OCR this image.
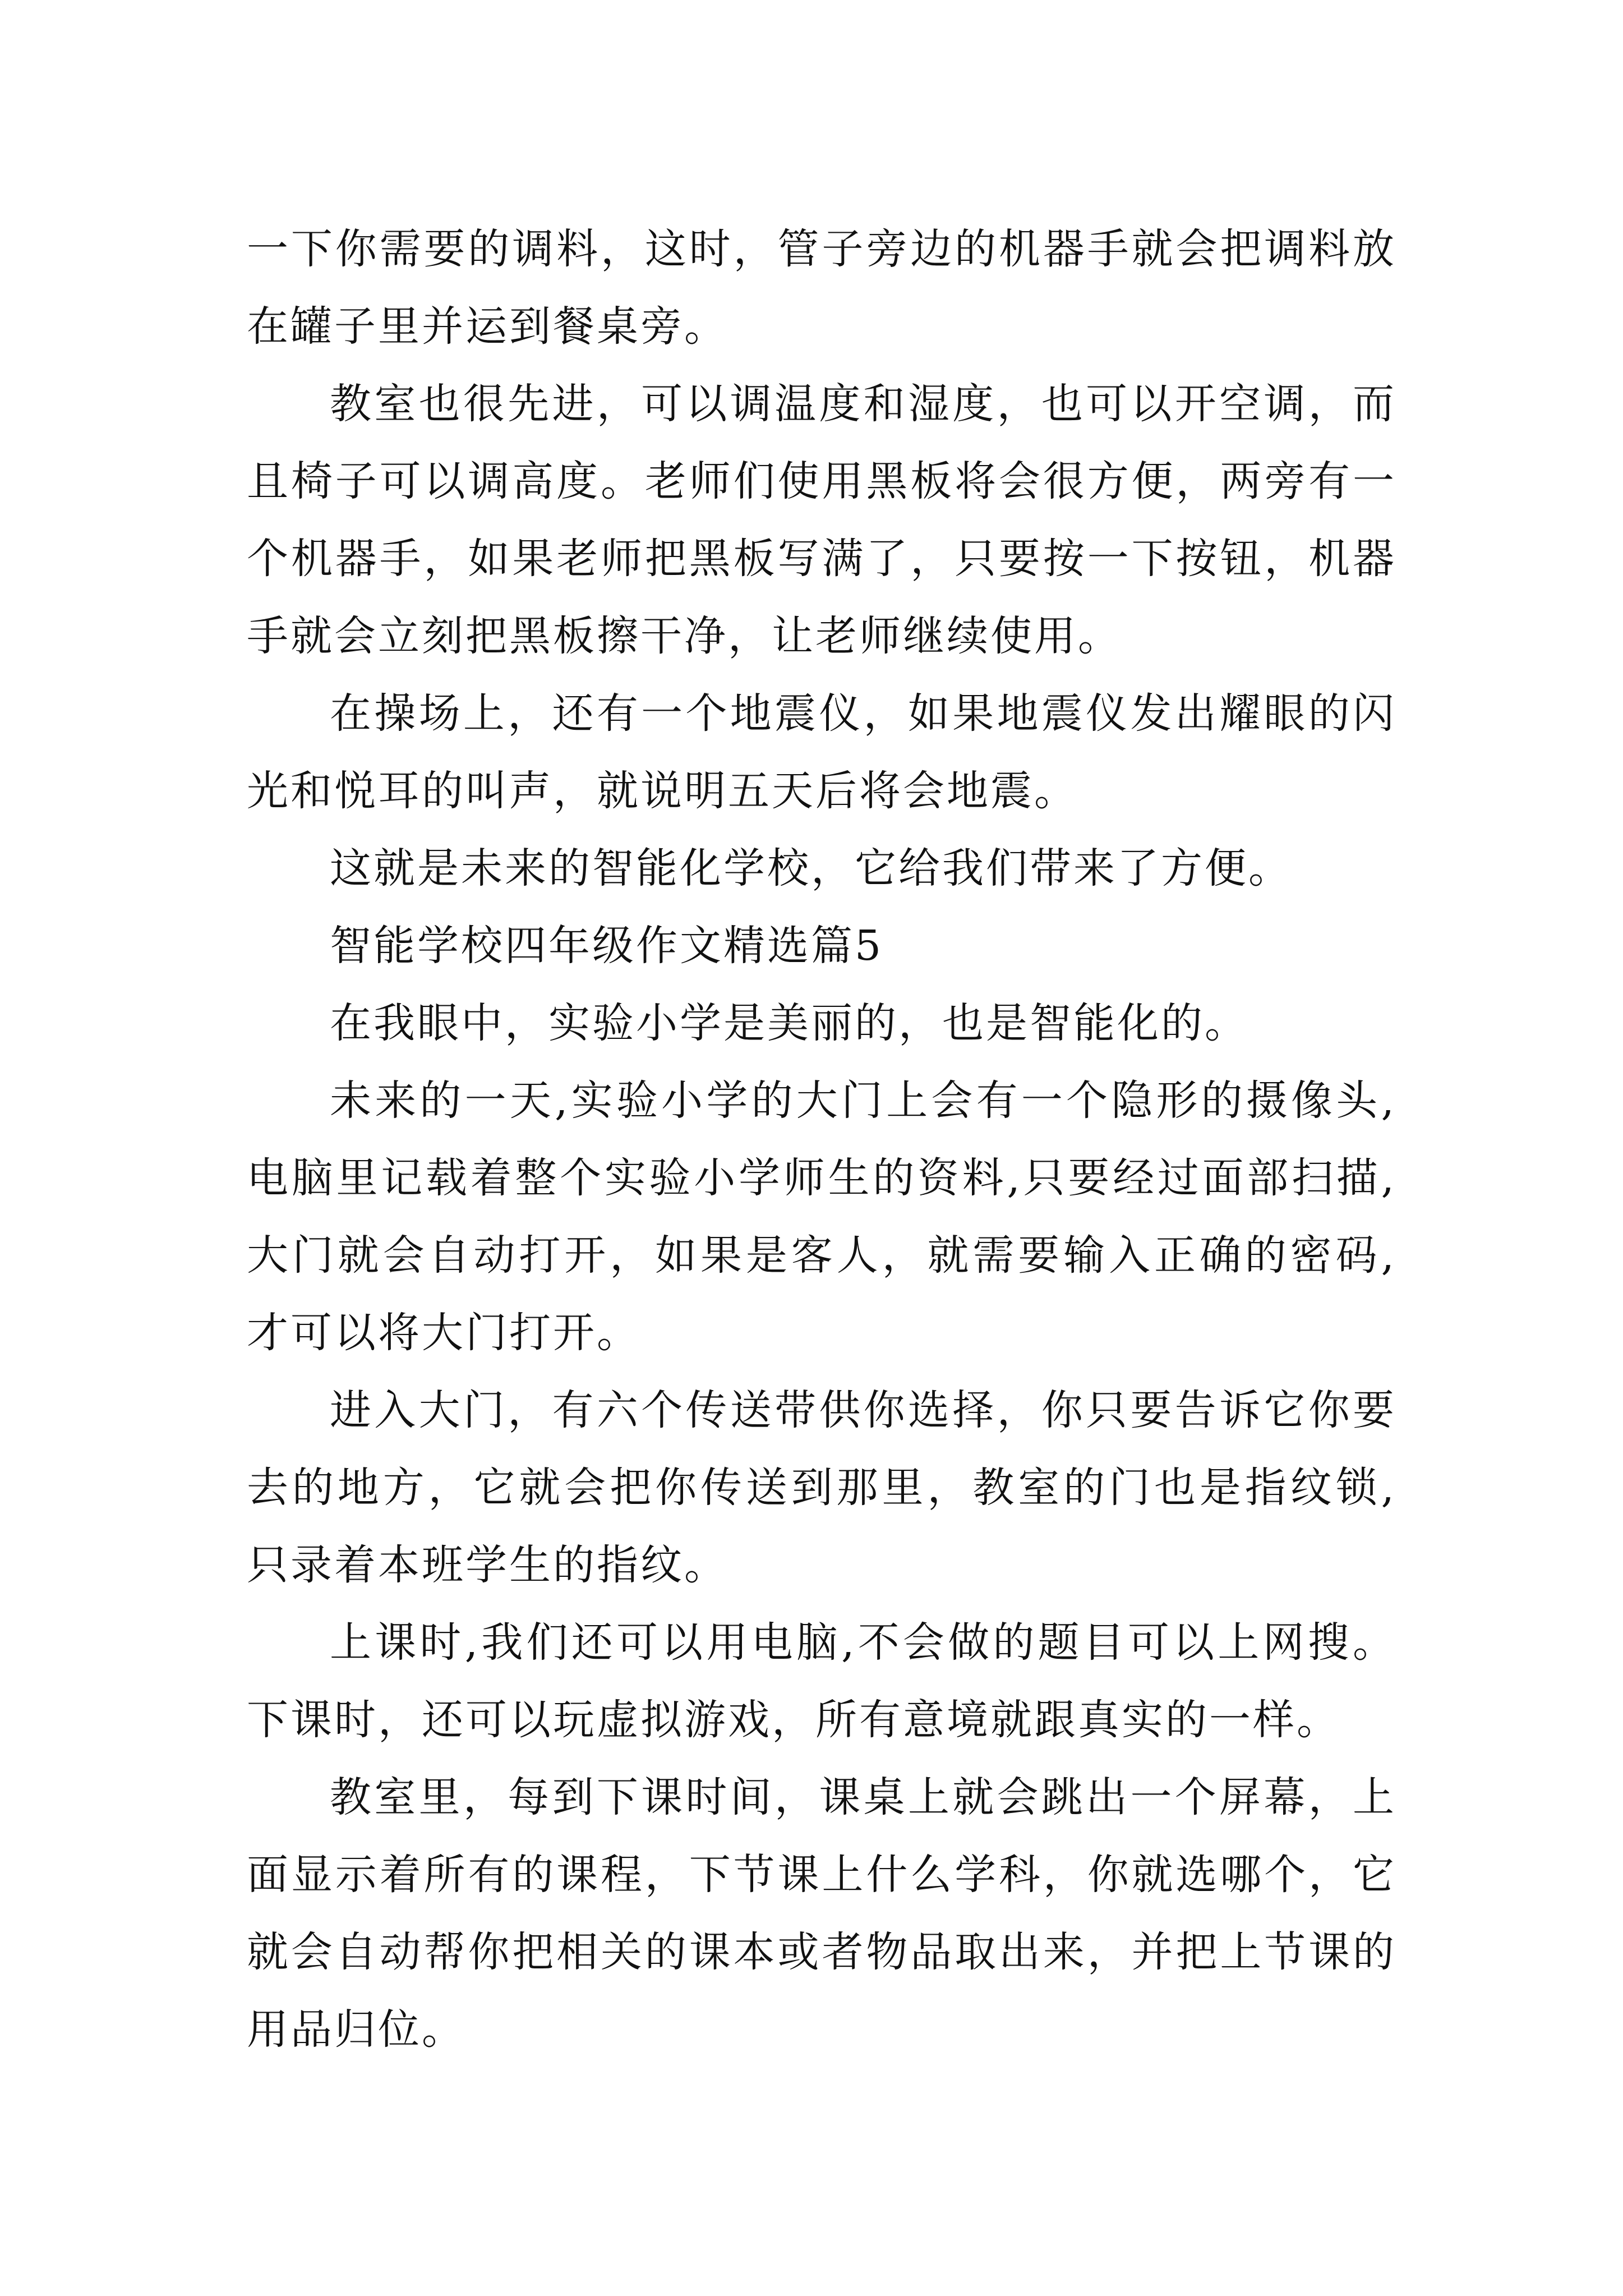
一下你需要的调料，这时，管子旁边的机器手就会把调料放在罐子里并运到餐桌旁。

教室也很先进，可以调温度和湿度，也可以开空调，而且椅子可以调高度。老师们使用黑板将会很方便，两旁有一个机器手，如果老师把黑板写满了，只要按一下按钮，机器手就会立刻把黑板擦干净，让老师继续使用。

在操场上，还有一个地震仪，如果地震仪发出耀眼的闪光和悦耳的叫声，就说明五天后将会地震。

这就是未来的智能化学校，它给我们带来了方便。

智能学校四年级作文精选篇5

在我眼中，实验小学是美丽的，也是智能化的。

未来的一天,实验小学的大门上会有一个隐形的摄像头,电脑里记载着整个实验小学师生的资料,只要经过面部扫描,大门就会自动打开，如果是客人，就需要输入正确的密码,才可以将大门打开。

进入大门，有六个传送带供你选择，你只要告诉它你要去的地方，它就会把你传送到那里，教室的门也是指纹锁,只录着本班学生的指纹。

上课时,我们还可以用电脑,不会做的题目可以上网搜。下课时，还可以玩虚拟游戏，所有意境就跟真实的一样。

教室里，每到下课时间，课桌上就会跳出一个屏幕，上面显示着所有的课程，下节课上什么学科，你就选哪个，它就会自动帮你把相关的课本或者物品取出来，并把上节课的用品归位。
